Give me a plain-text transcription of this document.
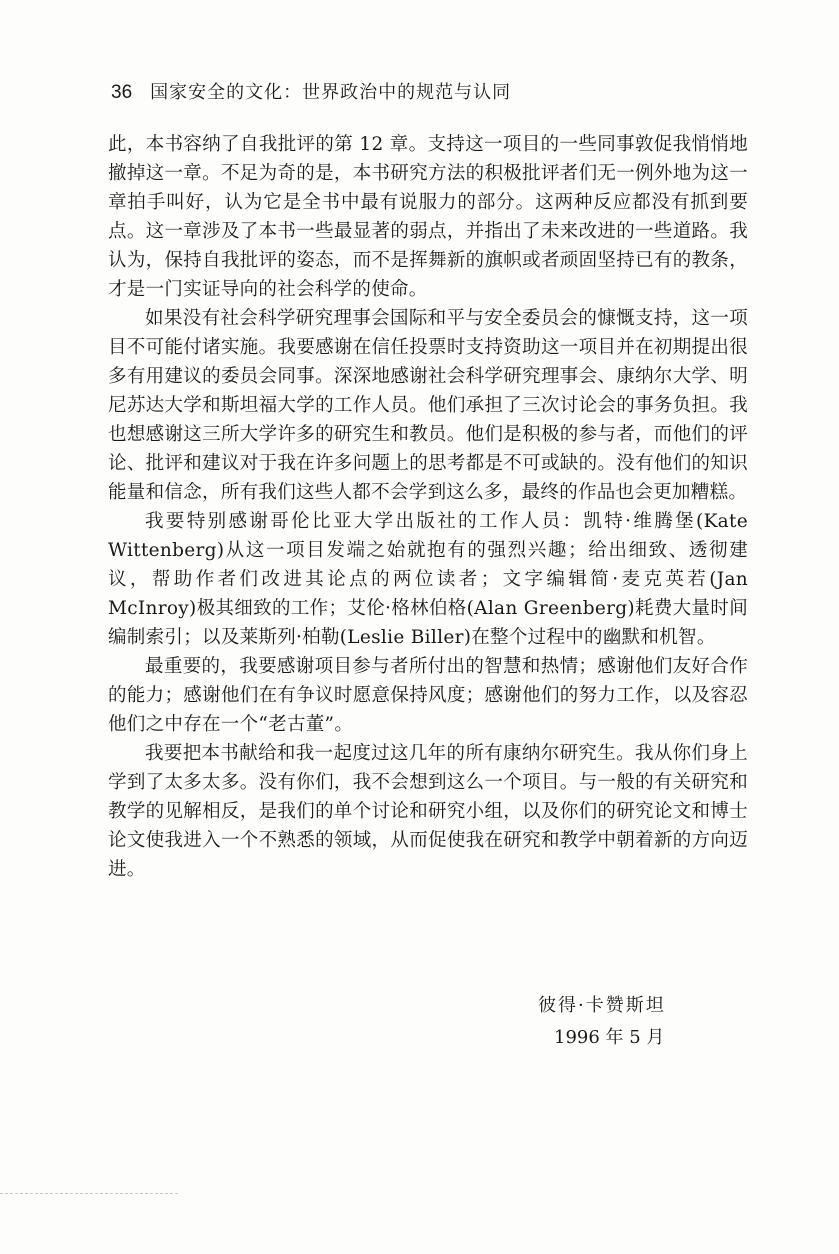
36 国家安全的文化：世界政治中的规范与认同

此，本书容纳了自我批评的第 12 章。支持这一项目的一些同事敦促我悄悄地撤掉这一章。不足为奇的是，本书研究方法的积极批评者们无一例外地为这一章拍手叫好，认为它是全书中最有说服力的部分。这两种反应都没有抓到要点。这一章涉及了本书一些最显著的弱点，并指出了未来改进的一些道路。我认为，保持自我批评的姿态，而不是挥舞新的旗帜或者顽固坚持已有的教条，才是一门实证导向的社会科学的使命。

如果没有社会科学研究理事会国际和平与安全委员会的慷慨支持，这一项目不可能付诸实施。我要感谢在信任投票时支持资助这一项目并在初期提出很多有用建议的委员会同事。深深地感谢社会科学研究理事会、康纳尔大学、明尼苏达大学和斯坦福大学的工作人员。他们承担了三次讨论会的事务负担。我也想感谢这三所大学许多的研究生和教员。他们是积极的参与者，而他们的评论、批评和建议对于我在许多问题上的思考都是不可或缺的。没有他们的知识能量和信念，所有我们这些人都不会学到这么多，最终的作品也会更加糟糕。

我要特别感谢哥伦比亚大学出版社的工作人员：凯特·维腾堡(Kate Wittenberg)从这一项目发端之始就抱有的强烈兴趣；给出细致、透彻建议，帮助作者们改进其论点的两位读者；文字编辑简·麦克英若(Jan McInroy)极其细致的工作；艾伦·格林伯格(Alan Greenberg)耗费大量时间编制索引；以及莱斯列·柏勒(Leslie Biller)在整个过程中的幽默和机智。

最重要的，我要感谢项目参与者所付出的智慧和热情；感谢他们友好合作的能力；感谢他们在有争议时愿意保持风度；感谢他们的努力工作，以及容忍他们之中存在一个“老古董”。

我要把本书献给和我一起度过这几年的所有康纳尔研究生。我从你们身上学到了太多太多。没有你们，我不会想到这么一个项目。与一般的有关研究和教学的见解相反，是我们的单个讨论和研究小组，以及你们的研究论文和博士论文使我进入一个不熟悉的领域，从而促使我在研究和教学中朝着新的方向迈进。

彼得·卡赞斯坦
1996 年 5 月
